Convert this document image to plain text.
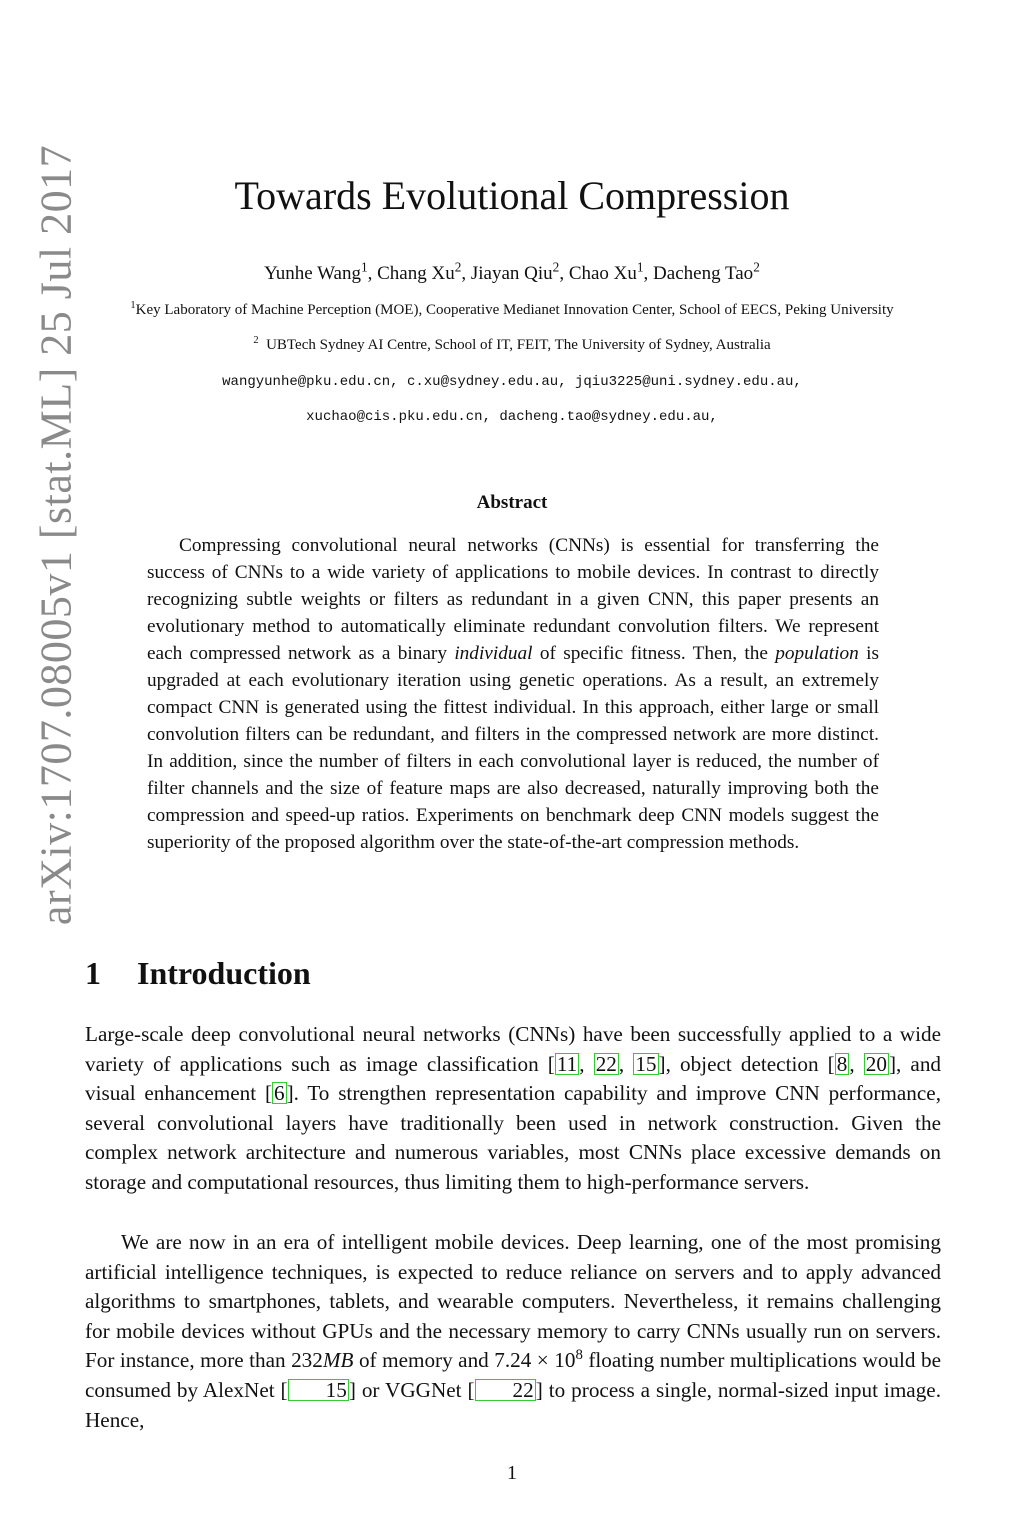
arXiv:1707.08005v1 [stat.ML] 25 Jul 2017	Towards Evolutional Compression
Yunhe Wang$^1$, Chang Xu$^2$, Jiayan Qiu$^2$, Chao Xu$^1$, Dacheng Tao$^2$
$^1$Key Laboratory of Machine Perception (MOE), Cooperative Medianet Innovation Center, School of EECS, Peking University
$^2$ UBTech Sydney AI Centre, School of IT, FEIT, The University of Sydney, Australia
wangyunhe@pku.edu.cn, c.xu@sydney.edu.au, jqiu3225@uni.sydney.edu.au,
xuchao@cis.pku.edu.cn, dacheng.tao@sydney.edu.au,
Abstract

Compressing convolutional neural networks (CNNs) is essential for transferring the success of CNNs to a wide variety of applications to mobile devices. In contrast to directly recognizing subtle weights or filters as redundant in a given CNN, this paper presents an evolutionary method to automatically eliminate redundant convolution filters. We represent each compressed network as a binary individual of specific fitness. Then, the population is upgraded at each evolutionary iteration using genetic operations. As a result, an extremely compact CNN is generated using the fittest individual. In this approach, either large or small convolution filters can be redundant, and filters in the compressed network are more distinct. In addition, since the number of filters in each convolutional layer is reduced, the number of filter channels and the size of feature maps are also decreased, naturally improving both the compression and speed-up ratios. Experiments on benchmark deep CNN models suggest the superiority of the proposed algorithm over the state-of-the-art compression methods.

1 Introduction

Large-scale deep convolutional neural networks (CNNs) have been successfully applied to a wide variety of applications such as image classification [11, 22, 15], object detection [8, 20], and visual enhancement [6]. To strengthen representation capability and improve CNN performance, several convolutional layers have traditionally been used in network construction. Given the complex network architecture and numerous variables, most CNNs place excessive demands on storage and computational resources, thus limiting them to high-performance servers.

We are now in an era of intelligent mobile devices. Deep learning, one of the most promising artificial intelligence techniques, is expected to reduce reliance on servers and to apply advanced algorithms to smartphones, tablets, and wearable computers. Nevertheless, it remains challenging for mobile devices without GPUs and the necessary memory to carry CNNs usually run on servers. For instance, more than 232MB of memory and $7.24 \times 10^8$ floating number multiplications would be consumed by AlexNet [ 15] or VGGNet [ 22] to process a single, normal-sized input image. Hence,

1
